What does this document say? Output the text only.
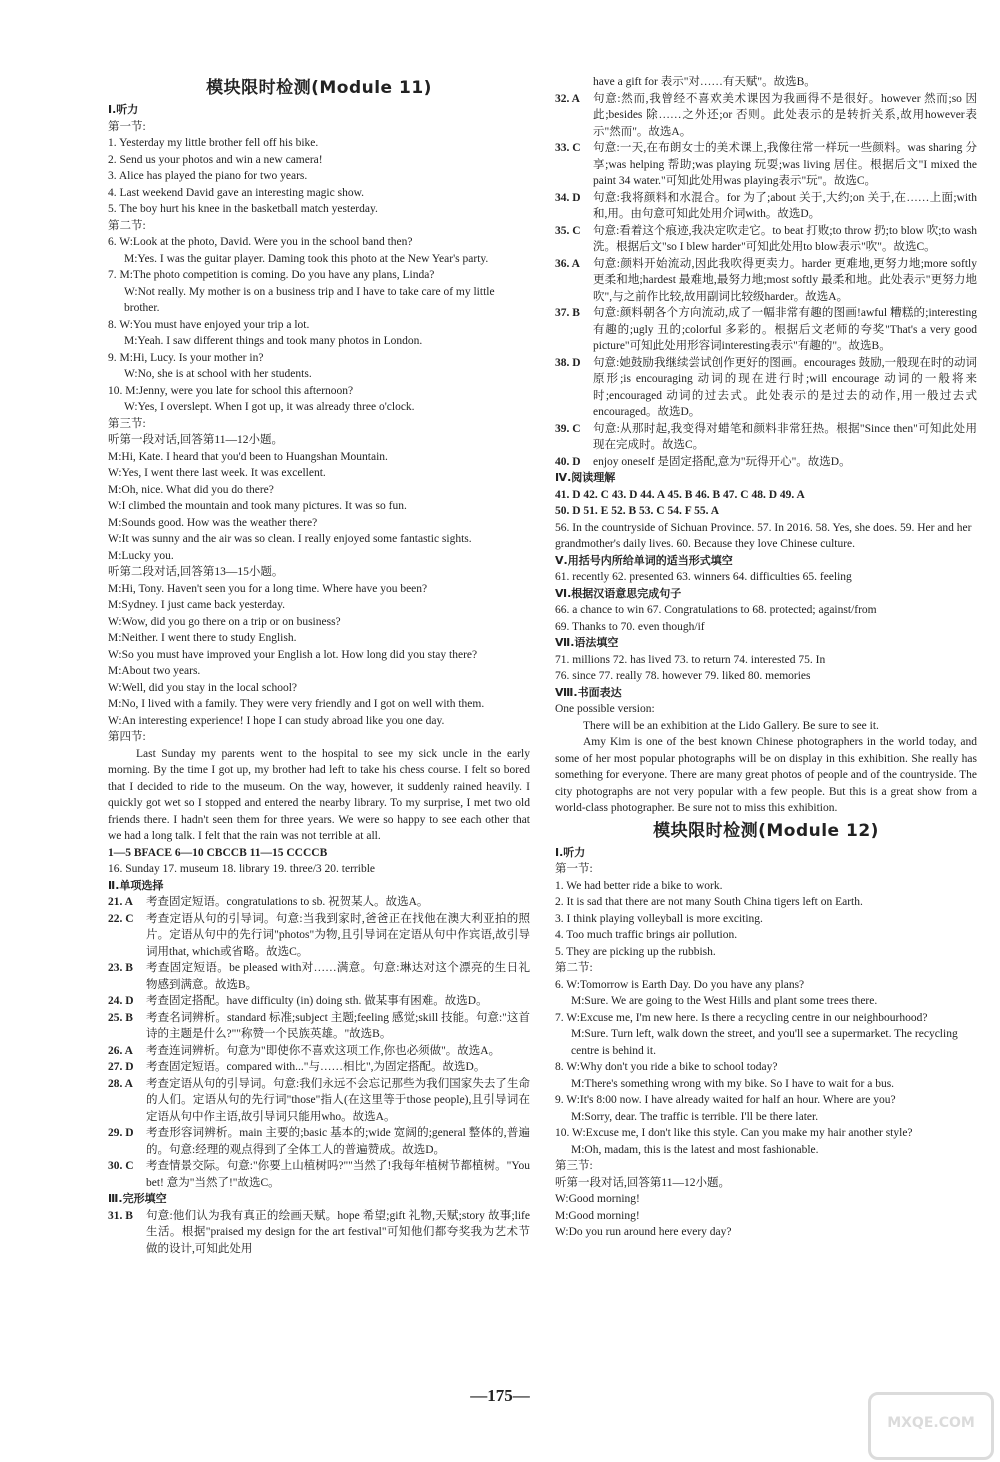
模块限时检测(Module 11)
Ⅰ.听力
第一节:
1. Yesterday my little brother fell off his bike.
2. Send us your photos and win a new camera!
3. Alice has played the piano for two years.
4. Last weekend David gave an interesting magic show.
5. The boy hurt his knee in the basketball match yesterday.
第二节:
6. W:Look at the photo, David. Were you in the school band then?
M:Yes. I was the guitar player. Daming took this photo at the New Year's party.
7. M:The photo competition is coming. Do you have any plans, Linda?
W:Not really. My mother is on a business trip and I have to take care of my little brother.
8. W:You must have enjoyed your trip a lot.
M:Yeah. I saw different things and took many photos in London.
9. M:Hi, Lucy. Is your mother in?
W:No, she is at school with her students.
10. M:Jenny, were you late for school this afternoon?
W:Yes, I overslept. When I got up, it was already three o'clock.
第三节:
听第一段对话,回答第11—12小题。
M:Hi, Kate. I heard that you'd been to Huangshan Mountain.
W:Yes, I went there last week. It was excellent.
M:Oh, nice. What did you do there?
W:I climbed the mountain and took many pictures. It was so fun.
M:Sounds good. How was the weather there?
W:It was sunny and the air was so clean. I really enjoyed some fantastic sights.
M:Lucky you.
听第二段对话,回答第13—15小题。
M:Hi, Tony. Haven't seen you for a long time. Where have you been?
M:Sydney. I just came back yesterday.
W:Wow, did you go there on a trip or on business?
M:Neither. I went there to study English.
W:So you must have improved your English a lot. How long did you stay there?
M:About two years.
W:Well, did you stay in the local school?
M:No, I lived with a family. They were very friendly and I got on well with them.
W:An interesting experience! I hope I can study abroad like you one day.
第四节:
Last Sunday my parents went to the hospital to see my sick uncle in the early morning. By the time I got up, my brother had left to take his chess course. I felt so bored that I decided to ride to the museum. On the way, however, it suddenly rained heavily. I quickly got wet so I stopped and entered the nearby library. To my surprise, I met two old friends there. I hadn't seen them for three years. We were so happy to see each other that we had a long talk. I felt that the rain was not terrible at all.
1—5 BFACE 6—10 CBCCB 11—15 CCCCB
16. Sunday 17. museum 18. library 19. three/3 20. terrible
Ⅱ.单项选择
21. A	考查固定短语。congratulations to sb. 祝贺某人。故选A。
22. C	考查定语从句的引导词。句意:当我到家时,爸爸正在找他在澳大利亚拍的照片。定语从句中的先行词"photos"为物,且引导词在定语从句中作宾语,故引导词用that, which或省略。故选C。
23. B	考查固定短语。be pleased with对……满意。句意:琳达对这个漂亮的生日礼物感到满意。故选B。
24. D	考查固定搭配。have difficulty (in) doing sth. 做某事有困难。故选D。
25. B	考查名词辨析。standard 标准;subject 主题;feeling 感觉;skill 技能。句意:"这首诗的主题是什么?""称赞一个民族英雄。"故选B。
26. A	考查连词辨析。句意为"即使你不喜欢这项工作,你也必须做"。故选A。
27. D	考查固定短语。compared with..."与……相比",为固定搭配。故选D。
28. A	考查定语从句的引导词。句意:我们永远不会忘记那些为我们国家失去了生命的人们。定语从句的先行词"those"指人(在这里等于those people),且引导词在定语从句中作主语,故引导词只能用who。故选A。
29. D	考查形容词辨析。main 主要的;basic 基本的;wide 宽阔的;general 整体的,普遍的。句意:经理的观点得到了全体工人的普遍赞成。故选D。
30. C	考查情景交际。句意:"你要上山植树吗?""当然了!我每年植树节都植树。"You bet! 意为"当然了!"故选C。
Ⅲ.完形填空
31. B	句意:他们认为我有真正的绘画天赋。hope 希望;gift 礼物,天赋;story 故事;life 生活。根据"praised my design for the art festival"可知他们都夸奖我为艺术节做的设计,可知此处用
have a gift for 表示"对……有天赋"。故选B。
32. A	句意:然而,我曾经不喜欢美术课因为我画得不是很好。however 然而;so 因此;besides 除……之外还;or 否则。此处表示的是转折关系,故用however表示"然而"。故选A。
33. C	句意:一天,在布朗女士的美术课上,我像往常一样玩一些颜料。was sharing 分享;was helping 帮助;was playing 玩耍;was living 居住。根据后文"I mixed the paint 34 water."可知此处用was playing表示"玩"。故选C。
34. D	句意:我将颜料和水混合。for 为了;about 关于,大约;on 关于,在……上面;with 和,用。由句意可知此处用介词with。故选D。
35. C	句意:看着这个痕迹,我决定吹走它。to beat 打败;to throw 扔;to blow 吹;to wash 洗。根据后文"so I blew harder"可知此处用to blow表示"吹"。故选C。
36. A	句意:颜料开始流动,因此我吹得更卖力。harder 更难地,更努力地;more softly 更柔和地;hardest 最难地,最努力地;most softly 最柔和地。此处表示"更努力地吹",与之前作比较,故用副词比较级harder。故选A。
37. B	句意:颜料朝各个方向流动,成了一幅非常有趣的图画!awful 糟糕的;interesting 有趣的;ugly 丑的;colorful 多彩的。根据后文老师的夸奖"That's a very good picture"可知此处用形容词interesting表示"有趣的"。故选B。
38. D	句意:她鼓励我继续尝试创作更好的图画。encourages 鼓励,一般现在时的动词原形;is encouraging 动词的现在进行时;will encourage 动词的一般将来时;encouraged 动词的过去式。此处表示的是过去的动作,用一般过去式encouraged。故选D。
39. C	句意:从那时起,我变得对蜡笔和颜料非常狂热。根据"Since then"可知此处用现在完成时。故选C。
40. D	enjoy oneself 是固定搭配,意为"玩得开心"。故选D。
Ⅳ.阅读理解
41. D 42. C 43. D 44. A 45. B 46. B 47. C 48. D 49. A
50. D 51. E 52. B 53. C 54. F 55. A
56. In the countryside of Sichuan Province. 57. In 2016. 58. Yes, she does. 59. Her and her grandmother's daily lives. 60. Because they love Chinese culture.
Ⅴ.用括号内所给单词的适当形式填空
61. recently 62. presented 63. winners 64. difficulties 65. feeling
Ⅵ.根据汉语意思完成句子
66. a chance to win 67. Congratulations to 68. protected; against/from
69. Thanks to 70. even though/if
Ⅶ.语法填空
71. millions 72. has lived 73. to return 74. interested 75. In
76. since 77. really 78. however 79. liked 80. memories
Ⅷ.书面表达
One possible version:
There will be an exhibition at the Lido Gallery. Be sure to see it.
Amy Kim is one of the best known Chinese photographers in the world today, and some of her most popular photographs will be on display in this exhibition. She really has something for everyone. There are many great photos of people and of the countryside. The city photographs are not very popular with a few people. But this is a great show from a world-class photographer. Be sure not to miss this exhibition.
模块限时检测(Module 12)
Ⅰ.听力
第一节:
1. We had better ride a bike to work.
2. It is sad that there are not many South China tigers left on Earth.
3. I think playing volleyball is more exciting.
4. Too much traffic brings air pollution.
5. They are picking up the rubbish.
第二节:
6. W:Tomorrow is Earth Day. Do you have any plans?
M:Sure. We are going to the West Hills and plant some trees there.
7. W:Excuse me, I'm new here. Is there a recycling centre in our neighbourhood?
M:Sure. Turn left, walk down the street, and you'll see a supermarket. The recycling centre is behind it.
8. W:Why don't you ride a bike to school today?
M:There's something wrong with my bike. So I have to wait for a bus.
9. W:It's 8:00 now. I have already waited for half an hour. Where are you?
M:Sorry, dear. The traffic is terrible. I'll be there later.
10. W:Excuse me, I don't like this style. Can you make my hair another style?
M:Oh, madam, this is the latest and most fashionable.
第三节:
听第一段对话,回答第11—12小题。
W:Good morning!
M:Good morning!
W:Do you run around here every day?
—175—
MXQE.COM
